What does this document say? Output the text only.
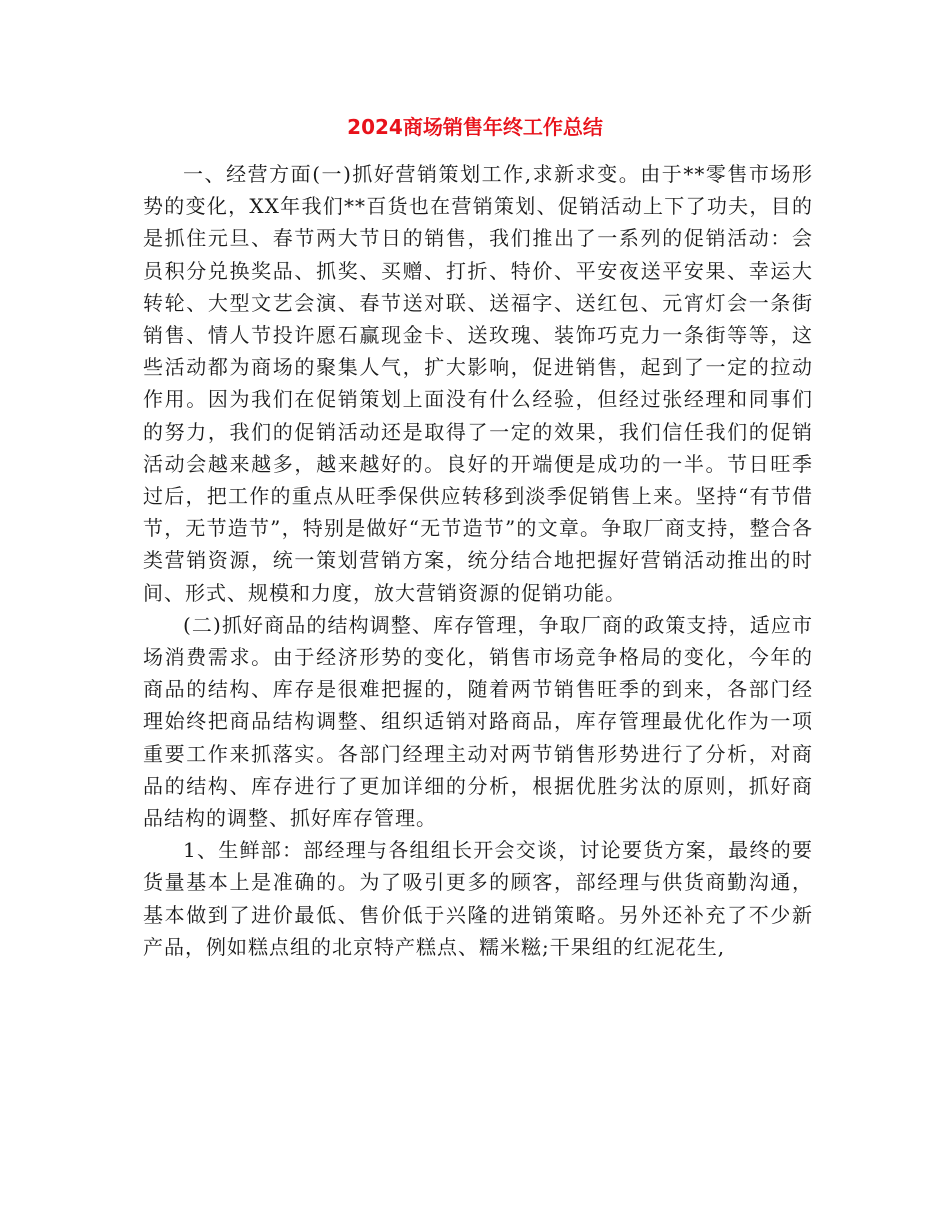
2024商场销售年终工作总结

一、经营方面(一)抓好营销策划工作,求新求变。由于**零售市场形势的变化，XX年我们**百货也在营销策划、促销活动上下了功夫，目的是抓住元旦、春节两大节日的销售，我们推出了一系列的促销活动：会员积分兑换奖品、抓奖、买赠、打折、特价、平安夜送平安果、幸运大转轮、大型文艺会演、春节送对联、送福字、送红包、元宵灯会一条街销售、情人节投许愿石赢现金卡、送玫瑰、装饰巧克力一条街等等，这些活动都为商场的聚集人气，扩大影响，促进销售，起到了一定的拉动作用。因为我们在促销策划上面没有什么经验，但经过张经理和同事们的努力，我们的促销活动还是取得了一定的效果，我们信任我们的促销活动会越来越多，越来越好的。良好的开端便是成功的一半。节日旺季过后，把工作的重点从旺季保供应转移到淡季促销售上来。坚持“有节借节，无节造节”，特别是做好“无节造节”的文章。争取厂商支持，整合各类营销资源，统一策划营销方案，统分结合地把握好营销活动推出的时间、形式、规模和力度，放大营销资源的促销功能。

(二)抓好商品的结构调整、库存管理，争取厂商的政策支持，适应市场消费需求。由于经济形势的变化，销售市场竞争格局的变化，今年的商品的结构、库存是很难把握的，随着两节销售旺季的到来，各部门经理始终把商品结构调整、组织适销对路商品，库存管理最优化作为一项重要工作来抓落实。各部门经理主动对两节销售形势进行了分析，对商品的结构、库存进行了更加详细的分析，根据优胜劣汰的原则，抓好商品结构的调整、抓好库存管理。

1、生鲜部：部经理与各组组长开会交谈，讨论要货方案，最终的要货量基本上是准确的。为了吸引更多的顾客，部经理与供货商勤沟通，基本做到了进价最低、售价低于兴隆的进销策略。另外还补充了不少新产品，例如糕点组的北京特产糕点、糯米糍;干果组的红泥花生,
